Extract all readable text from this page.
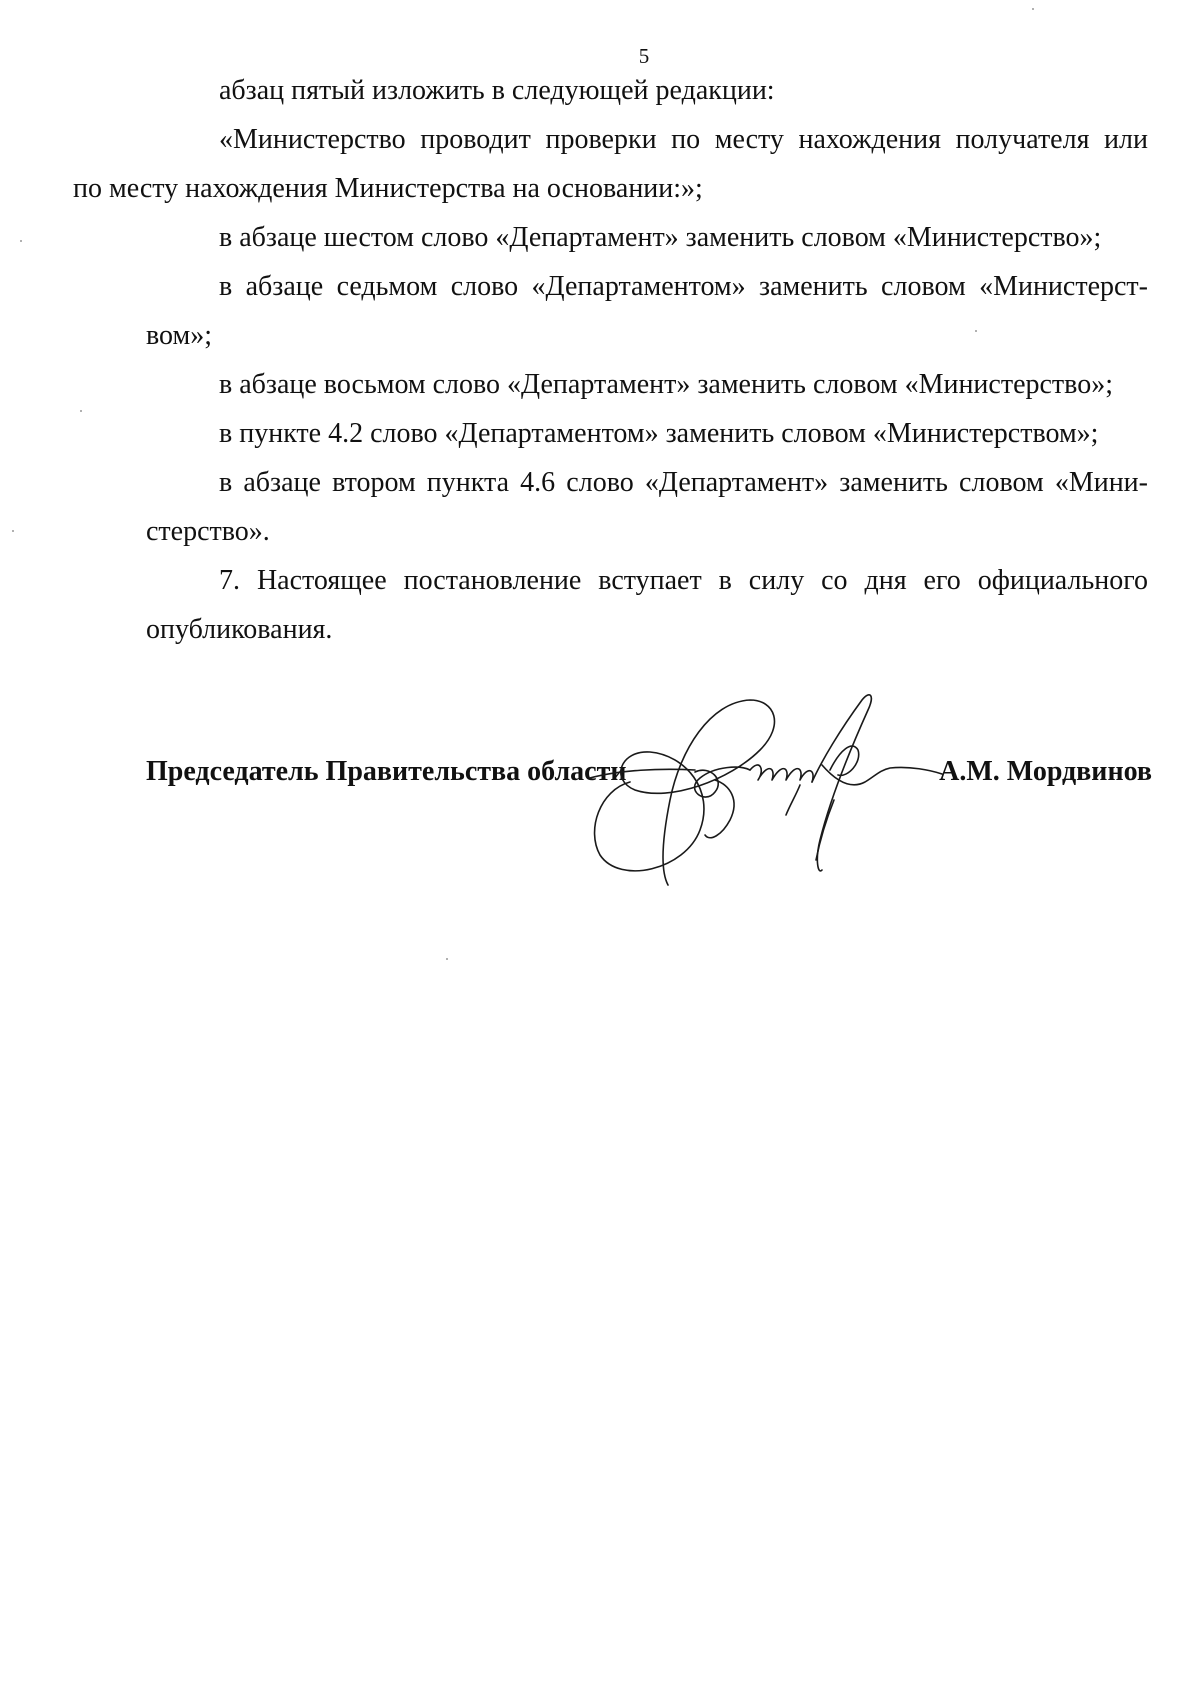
5

абзац пятый изложить в следующей редакции:

«Министерство проводит проверки по месту нахождения получателя или
по месту нахождения Министерства на основании:»;

в абзаце шестом слово «Департамент» заменить словом «Министерство»;

в абзаце седьмом слово «Департаментом» заменить словом «Министерст-
вом»;

в абзаце восьмом слово «Департамент» заменить словом «Министерство»;

в пункте 4.2 слово «Департаментом» заменить словом «Министерством»;

в абзаце втором пункта 4.6 слово «Департамент» заменить словом «Мини-
стерство».

7. Настоящее постановление вступает в силу со дня его официального
опубликования.

Председатель Правительства области	А.М. Мордвинов
